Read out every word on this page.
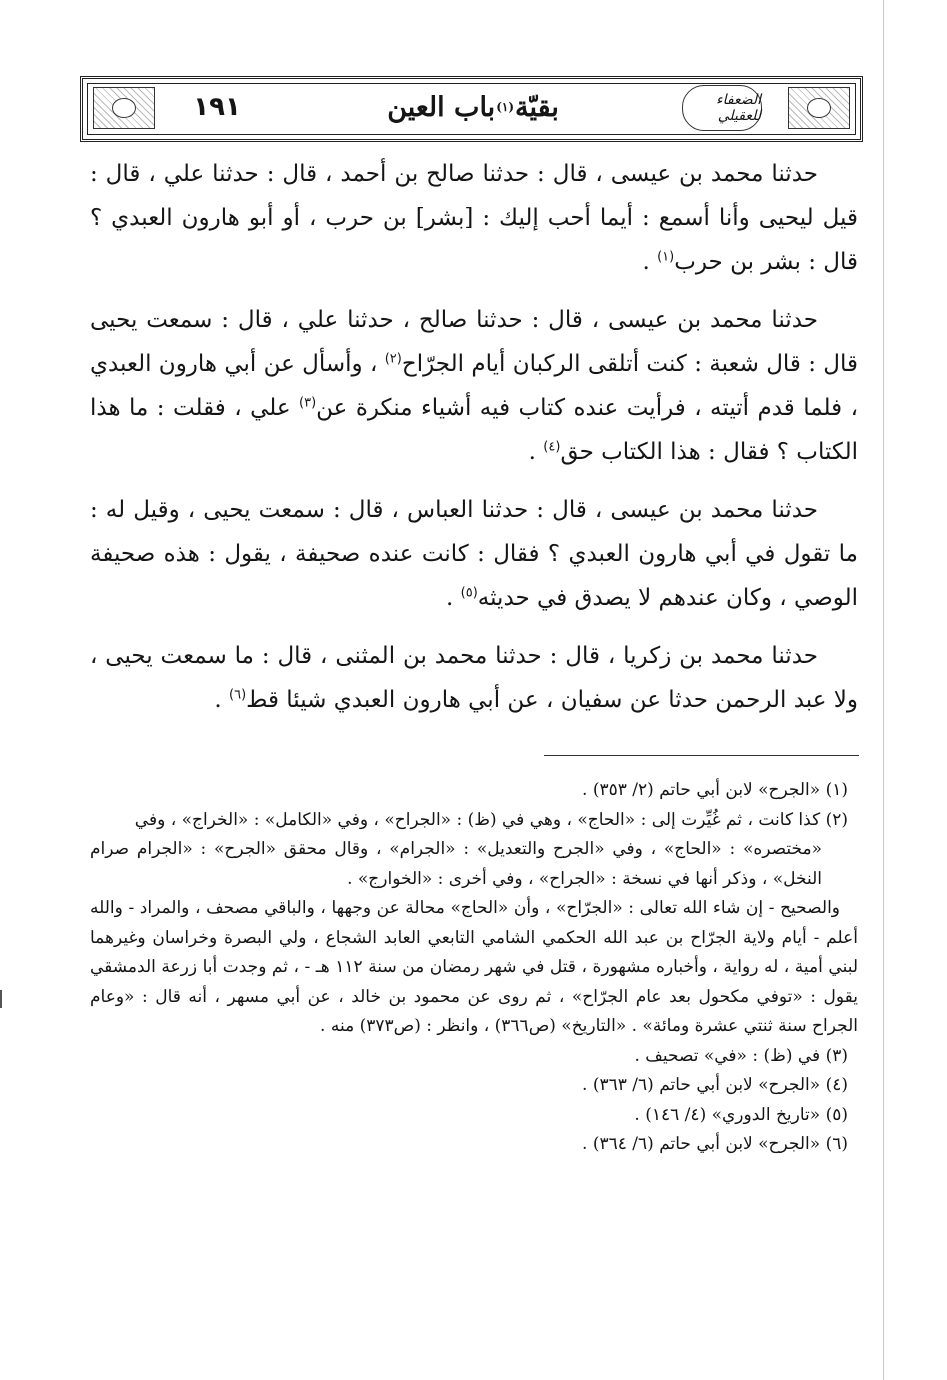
١٩١	الضعفاء للعقيلي
بقيّة
(١)
باب العين

حدثنا محمد بن عيسى ، قال : حدثنا صالح بن أحمد ، قال : حدثنا علي ، قال : قيل ليحيى وأنا أسمع : أيما أحب إليك : [بشر] بن حرب ، أو أبو هارون العبدي ؟ قال : بشر بن حرب$^{(١)}$ .

حدثنا محمد بن عيسى ، قال : حدثنا صالح ، حدثنا علي ، قال : سمعت يحيى قال : قال شعبة : كنت أتلقى الركبان أيام الجرّاح$^{(٢)}$ ، وأسأل عن أبي هارون العبدي ، فلما قدم أتيته ، فرأيت عنده كتاب فيه أشياء منكرة عن$^{(٣)}$ علي ، فقلت : ما هذا الكتاب ؟ فقال : هذا الكتاب حق$^{(٤)}$ .

حدثنا محمد بن عيسى ، قال : حدثنا العباس ، قال : سمعت يحيى ، وقيل له : ما تقول في أبي هارون العبدي ؟ فقال : كانت عنده صحيفة ، يقول : هذه صحيفة الوصي ، وكان عندهم لا يصدق في حديثه$^{(٥)}$ .

حدثنا محمد بن زكريا ، قال : حدثنا محمد بن المثنى ، قال : ما سمعت يحيى ، ولا عبد الرحمن حدثا عن سفيان ، عن أبي هارون العبدي شيئا قط$^{(٦)}$ .

(١) «الجرح» لابن أبي حاتم (٢/ ٣٥٣) .

(٢) كذا كانت ، ثم غُيِّرت إلى : «الحاج» ، وهي في (ظ) : «الجراح» ، وفي «الكامل» : «الخراج» ، وفي

«مختصره» : «الحاج» ، وفي «الجرح والتعديل» : «الجرام» ، وقال محقق «الجرح» : «الجرام صرام النخل» ، وذكر أنها في نسخة : «الجراح» ، وفي أخرى : «الخوارج» .

والصحيح - إن شاء الله تعالى : «الجرّاح» ، وأن «الحاج» محالة عن وجهها ، والباقي مصحف ، والمراد - والله أعلم - أيام ولاية الجرّاح بن عبد الله الحكمي الشامي التابعي العابد الشجاع ، ولي البصرة وخراسان وغيرهما لبني أمية ، له رواية ، وأخباره مشهورة ، قتل في شهر رمضان من سنة ١١٢ هـ - ، ثم وجدت أبا زرعة الدمشقي يقول : «توفي مكحول بعد عام الجرّاح» ، ثم روى عن محمود بن خالد ، عن أبي مسهر ، أنه قال : «وعام الجراح سنة ثنتي عشرة ومائة» . «التاريخ» (ص٣٦٦) ، وانظر : (ص٣٧٣) منه .

(٣) في (ظ) : «في» تصحيف .

(٤) «الجرح» لابن أبي حاتم (٦/ ٣٦٣) .

(٥) «تاريخ الدوري» (٤/ ١٤٦) .

(٦) «الجرح» لابن أبي حاتم (٦/ ٣٦٤) .
